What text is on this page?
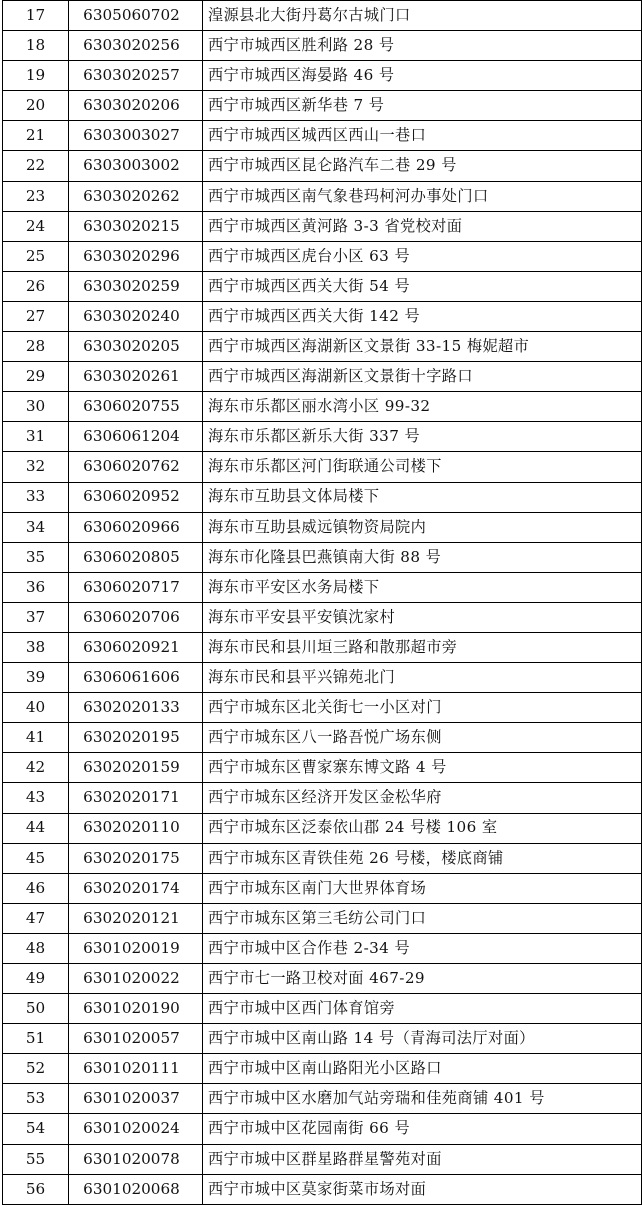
17	6305060702	湟源县北大街丹葛尔古城门口
18	6303020256	西宁市城西区胜利路 28 号
19	6303020257	西宁市城西区海晏路 46 号
20	6303020206	西宁市城西区新华巷 7 号
21	6303003027	西宁市城西区城西区西山一巷口
22	6303003002	西宁市城西区昆仑路汽车二巷 29 号
23	6303020262	西宁市城西区南气象巷玛柯河办事处门口
24	6303020215	西宁市城西区黄河路 3-3 省党校对面
25	6303020296	西宁市城西区虎台小区 63 号
26	6303020259	西宁市城西区西关大街 54 号
27	6303020240	西宁市城西区西关大街 142 号
28	6303020205	西宁市城西区海湖新区文景街 33-15 梅妮超市
29	6303020261	西宁市城西区海湖新区文景街十字路口
30	6306020755	海东市乐都区丽水湾小区 99-32
31	6306061204	海东市乐都区新乐大街 337 号
32	6306020762	海东市乐都区河门街联通公司楼下
33	6306020952	海东市互助县文体局楼下
34	6306020966	海东市互助县威远镇物资局院内
35	6306020805	海东市化隆县巴燕镇南大街 88 号
36	6306020717	海东市平安区水务局楼下
37	6306020706	海东市平安县平安镇沈家村
38	6306020921	海东市民和县川垣三路和散那超市旁
39	6306061606	海东市民和县平兴锦苑北门
40	6302020133	西宁市城东区北关街七一小区对门
41	6302020195	西宁市城东区八一路吾悦广场东侧
42	6302020159	西宁市城东区曹家寨东博文路 4 号
43	6302020171	西宁市城东区经济开发区金松华府
44	6302020110	西宁市城东区泛泰依山郡 24 号楼 106 室
45	6302020175	西宁市城东区青铁佳苑 26 号楼，楼底商铺
46	6302020174	西宁市城东区南门大世界体育场
47	6302020121	西宁市城东区第三毛纺公司门口
48	6301020019	西宁市城中区合作巷 2-34 号
49	6301020022	西宁市七一路卫校对面 467-29
50	6301020190	西宁市城中区西门体育馆旁
51	6301020057	西宁市城中区南山路 14 号（青海司法厅对面）
52	6301020111	西宁市城中区南山路阳光小区路口
53	6301020037	西宁市城中区水磨加气站旁瑞和佳苑商铺 401 号
54	6301020024	西宁市城中区花园南街 66 号
55	6301020078	西宁市城中区群星路群星警苑对面
56	6301020068	西宁市城中区莫家街菜市场对面
